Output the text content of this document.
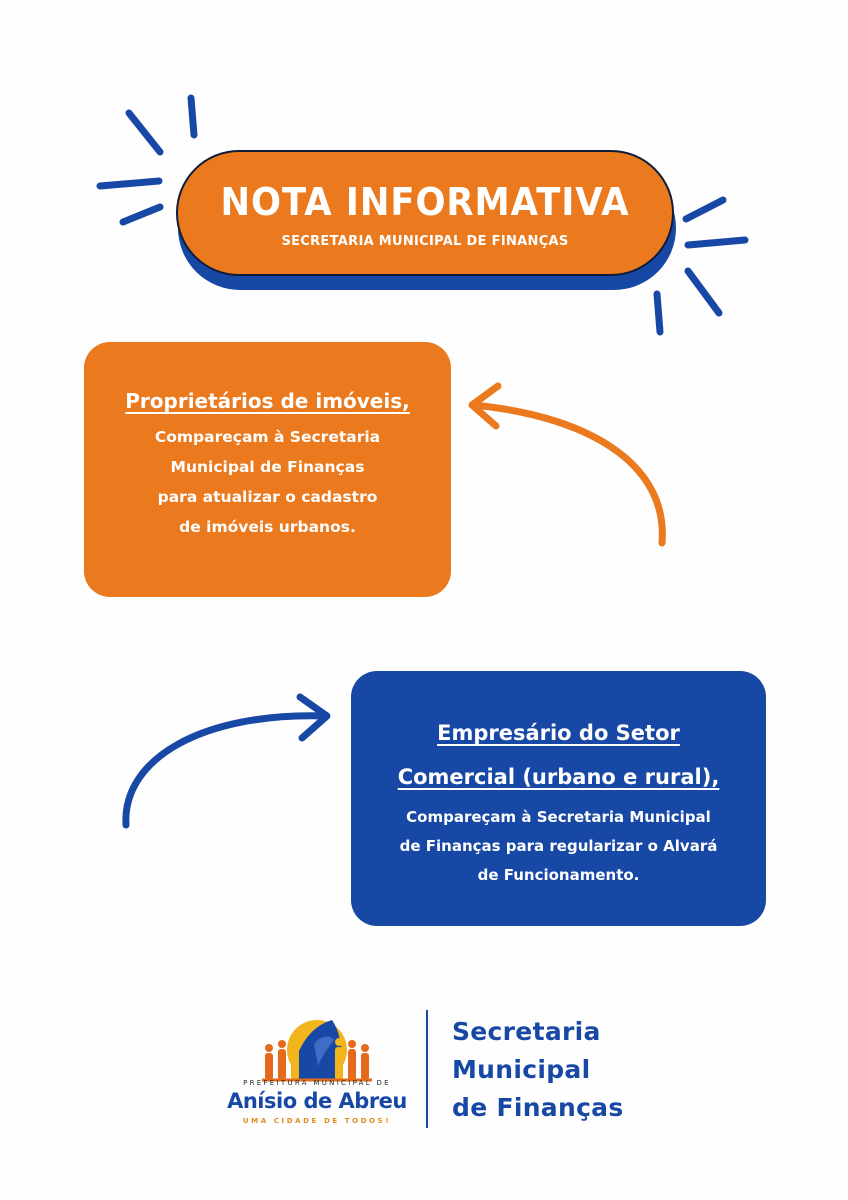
NOTA INFORMATIVA
SECRETARIA MUNICIPAL DE FINANÇAS
Proprietários de imóveis,
Compareçam à Secretaria
Municipal de Finanças
para atualizar o cadastro
de imóveis urbanos.
Empresário do Setor
Comercial (urbano e rural),
Compareçam à Secretaria Municipal
de Finanças para regularizar o Alvará
de Funcionamento.
PREFEITURA MUNICIPAL DE
Anísio de Abreu
UMA CIDADE DE TODOS!
Secretaria
Municipal
de Finanças
